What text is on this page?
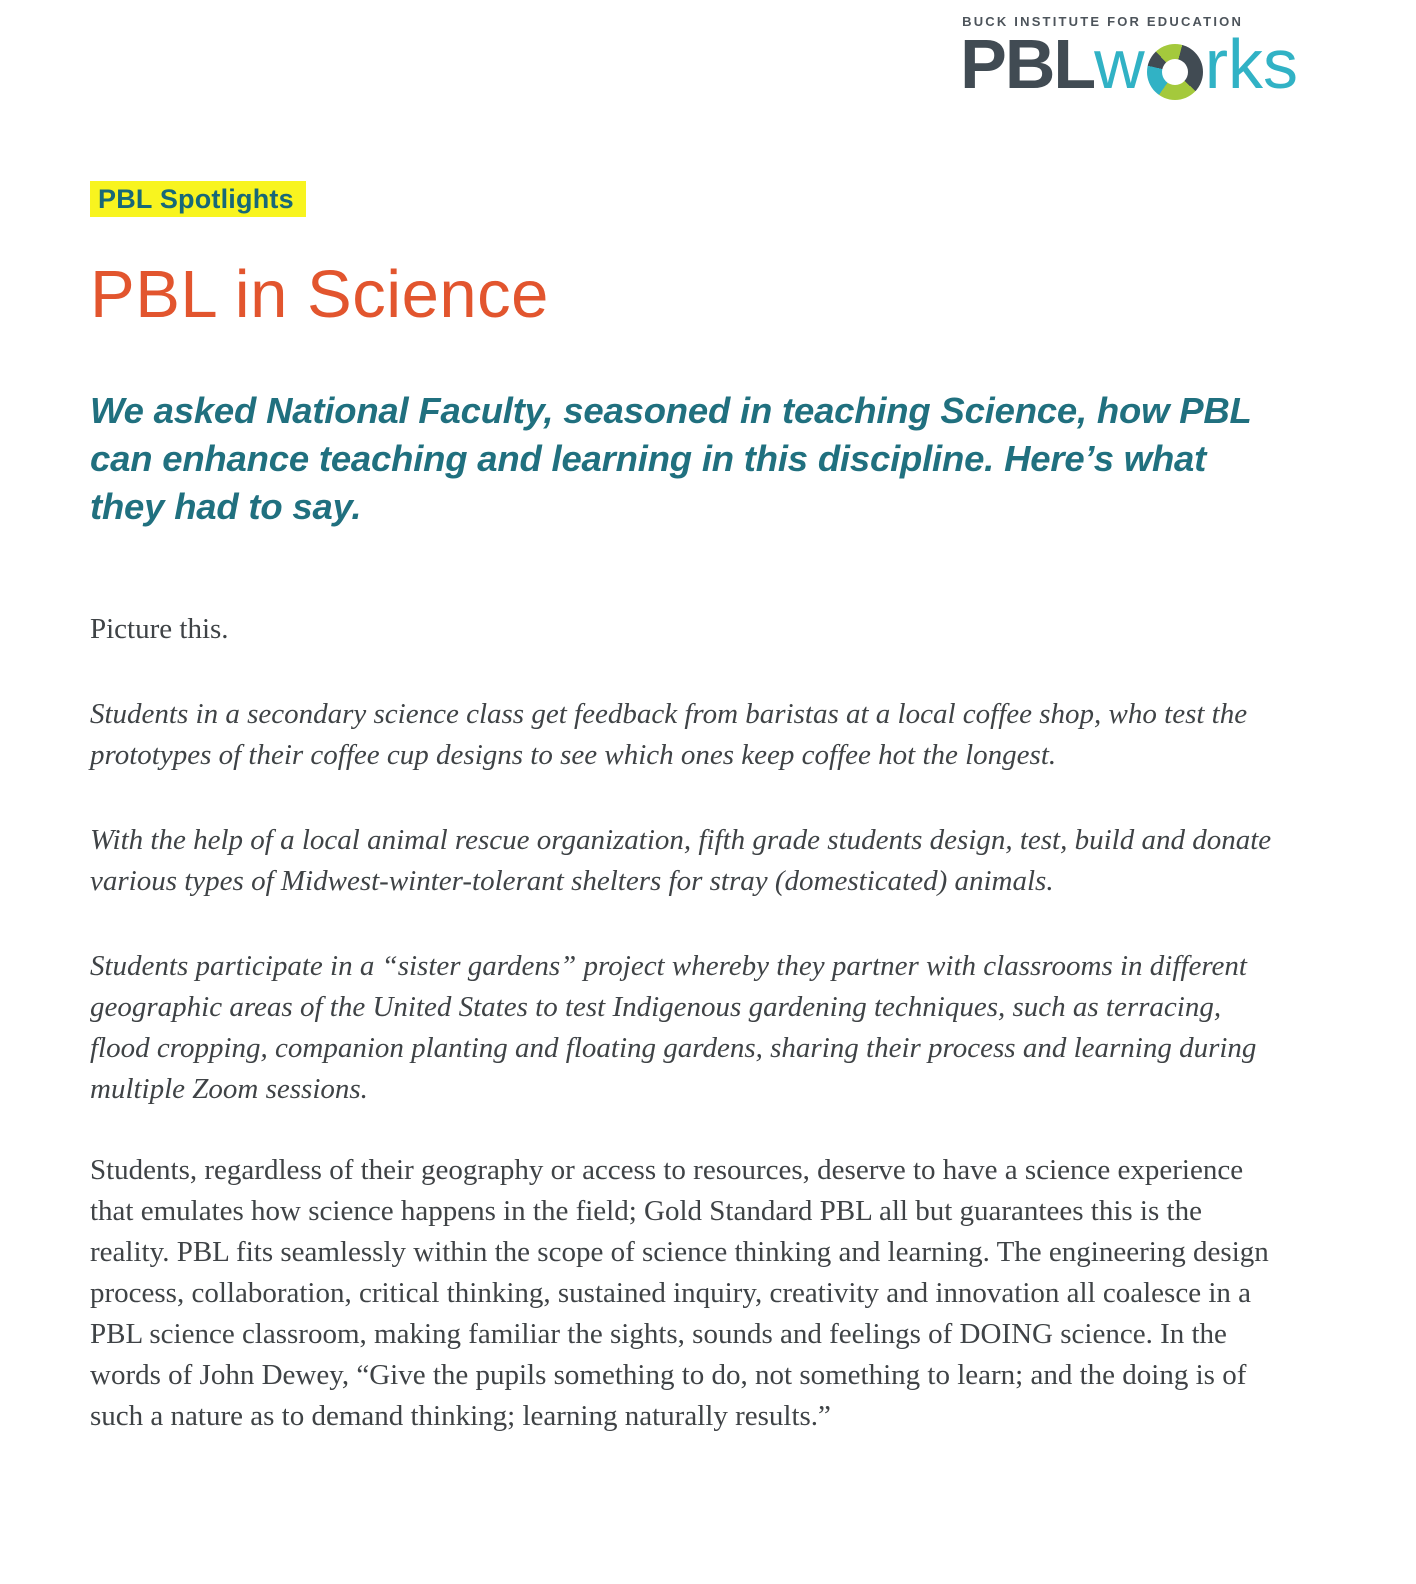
BUCK INSTITUTE FOR EDUCATION
PBL w rks
PBL Spotlights
PBL in Science
We asked National Faculty, seasoned in teaching Science, how PBL can enhance teaching and learning in this discipline. Here’s what they had to say.

Picture this.

Students in a secondary science class get feedback from baristas at a local coffee shop, who test the prototypes of their coffee cup designs to see which ones keep coffee hot the longest.

With the help of a local animal rescue organization, fifth grade students design, test, build and donate various types of Midwest-winter-tolerant shelters for stray (domesticated) animals.

Students participate in a “sister gardens” project whereby they partner with classrooms in different geographic areas of the United States to test Indigenous gardening techniques, such as terracing, flood cropping, companion planting and floating gardens, sharing their process and learning during multiple Zoom sessions.

Students, regardless of their geography or access to resources, deserve to have a science experience that emulates how science happens in the field; Gold Standard PBL all but guarantees this is the reality. PBL fits seamlessly within the scope of science thinking and learning. The engineering design process, collaboration, critical thinking, sustained inquiry, creativity and innovation all coalesce in a PBL science classroom, making familiar the sights, sounds and feelings of DOING science. In the words of John Dewey, “Give the pupils something to do, not something to learn; and the doing is of such a nature as to demand thinking; learning naturally results.”
